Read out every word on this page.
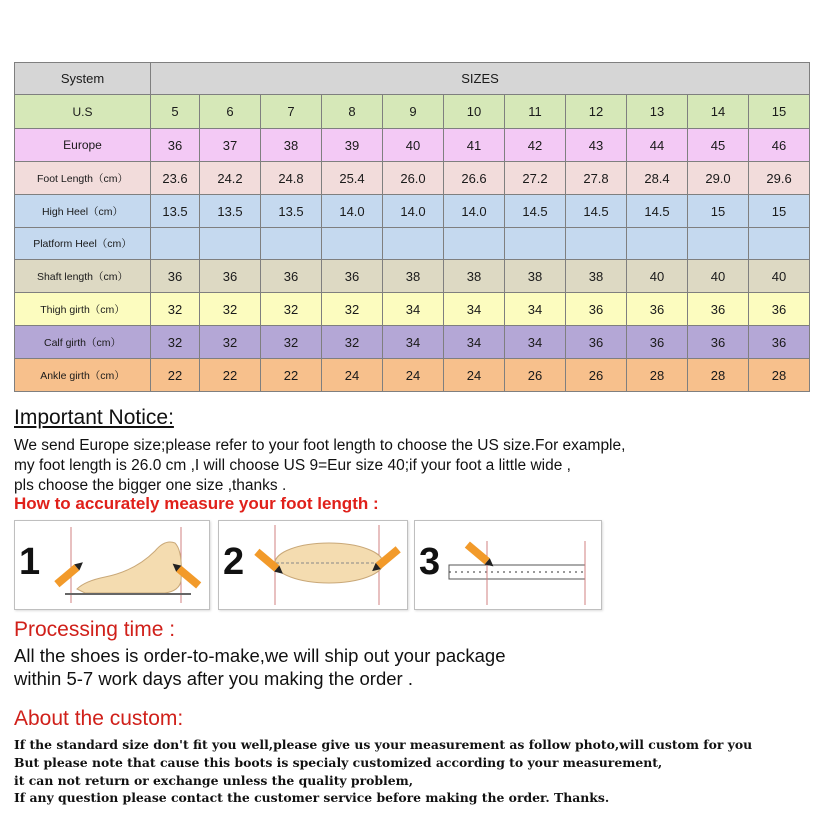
System	SIZES										
U.S	5	6	7	8	9	10	11	12	13	14	15
Europe	36	37	38	39	40	41	42	43	44	45	46
Foot Length（cm）	23.6	24.2	24.8	25.4	26.0	26.6	27.2	27.8	28.4	29.0	29.6
High Heel（cm）	13.5	13.5	13.5	14.0	14.0	14.0	14.5	14.5	14.5	15	15
Platform Heel（cm）											
Shaft length（cm）	36	36	36	36	38	38	38	38	40	40	40
Thigh girth（cm）	32	32	32	32	34	34	34	36	36	36	36
Calf girth（cm）	32	32	32	32	34	34	34	36	36	36	36
Ankle girth（cm）	22	22	22	24	24	24	26	26	28	28	28
Important Notice:
We send Europe size;please refer to your foot length to choose the US size.For example,
my foot length is 26.0 cm ,I will choose US 9=Eur size 40;if your foot a little wide ,
pls choose the bigger one size ,thanks .
How to accurately measure your foot length :
1	2	3
Processing time :
All the shoes is order-to-make,we will ship out your package
within 5-7 work days after you making the order .
About the custom:
If the standard size don't fit you well,please give us your measurement as follow photo,will custom for you
But please note that cause this boots is specialy customized according to your measurement,
it can not return or exchange unless the quality problem,
If any question please contact the customer service before making the order. Thanks.
